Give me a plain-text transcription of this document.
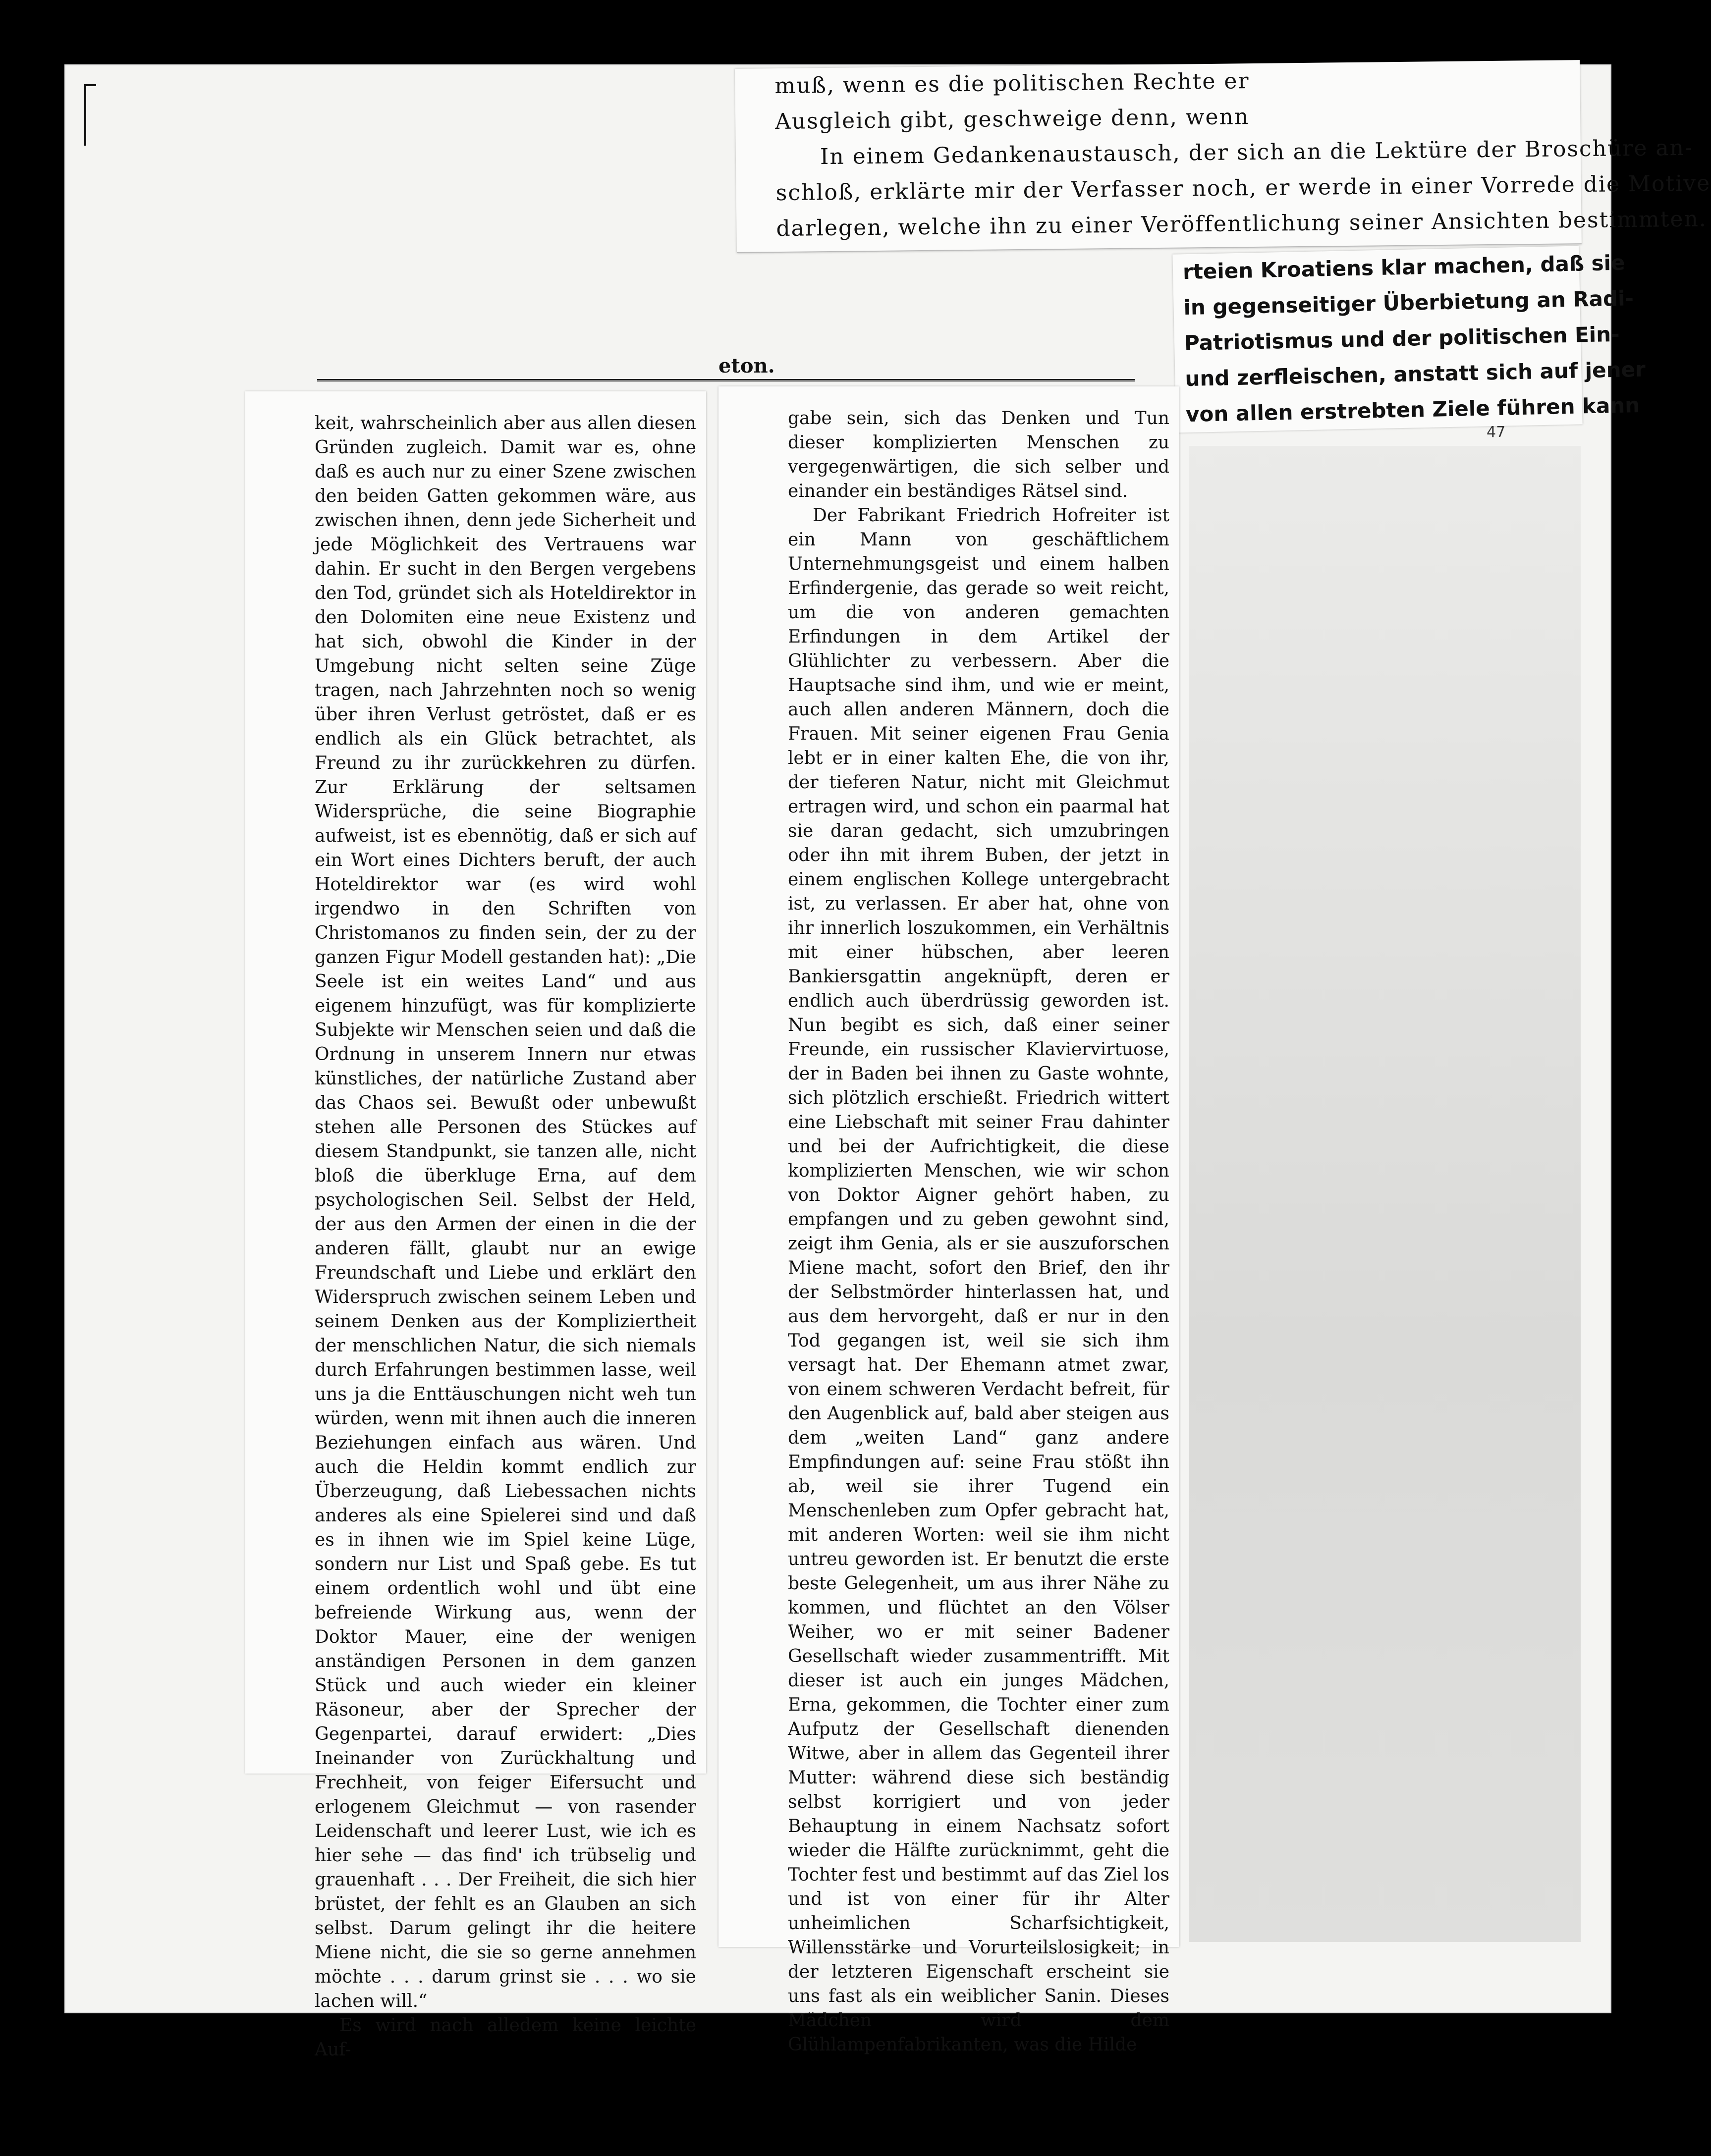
muß, wenn es die politischen Rechte er
Ausgleich gibt, geschweige denn, wenn
In einem Gedankenaustausch, der sich an die Lektüre der Broschüre an-
schloß, erklärte mir der Verfasser noch, er werde in einer Vorrede die Motive
darlegen, welche ihn zu einer Veröffentlichung seiner Ansichten bestimmten.
rteien Kroatiens klar machen, daß sie
in gegenseitiger Überbietung an Radi-
Patriotismus und der politischen Ein-
und zerfleischen, anstatt sich auf jener
von allen erstrebten Ziele führen kann
47
eton.

keit, wahrscheinlich aber aus allen diesen Gründen zugleich. Damit war es, ohne daß es auch nur zu einer Szene zwischen den beiden Gatten gekommen wäre, aus zwischen ihnen, denn jede Sicherheit und jede Möglichkeit des Vertrauens war dahin. Er sucht in den Bergen vergebens den Tod, gründet sich als Hoteldirektor in den Dolomiten eine neue Existenz und hat sich, obwohl die Kinder in der Umgebung nicht selten seine Züge tragen, nach Jahrzehnten noch so wenig über ihren Verlust getröstet, daß er es endlich als ein Glück betrachtet, als Freund zu ihr zurückkehren zu dürfen. Zur Erklärung der seltsamen Widersprüche, die seine Biographie aufweist, ist es ebennötig, daß er sich auf ein Wort eines Dichters beruft, der auch Hoteldirektor war (es wird wohl irgendwo in den Schriften von Christomanos zu finden sein, der zu der ganzen Figur Modell gestanden hat): „Die Seele ist ein weites Land“ und aus eigenem hinzufügt, was für komplizierte Subjekte wir Menschen seien und daß die Ordnung in unserem Innern nur etwas künstliches, der natürliche Zustand aber das Chaos sei. Bewußt oder unbewußt stehen alle Personen des Stückes auf diesem Standpunkt, sie tanzen alle, nicht bloß die überkluge Erna, auf dem psychologischen Seil. Selbst der Held, der aus den Armen der einen in die der anderen fällt, glaubt nur an ewige Freundschaft und Liebe und erklärt den Widerspruch zwischen seinem Leben und seinem Denken aus der Kompliziertheit der menschlichen Natur, die sich niemals durch Erfahrungen bestimmen lasse, weil uns ja die Enttäuschungen nicht weh tun würden, wenn mit ihnen auch die inneren Beziehungen einfach aus wären. Und auch die Heldin kommt endlich zur Überzeugung, daß Liebessachen nichts anderes als eine Spielerei sind und daß es in ihnen wie im Spiel keine Lüge, sondern nur List und Spaß gebe. Es tut einem ordentlich wohl und übt eine befreiende Wirkung aus, wenn der Doktor Mauer, eine der wenigen anständigen Personen in dem ganzen Stück und auch wieder ein kleiner Räsoneur, aber der Sprecher der Gegenpartei, darauf erwidert: „Dies Ineinander von Zurückhaltung und Frechheit, von feiger Eifersucht und erlogenem Gleichmut — von rasender Leidenschaft und leerer Lust, wie ich es hier sehe — das find' ich trübselig und grauenhaft . . . Der Freiheit, die sich hier brüstet, der fehlt es an Glauben an sich selbst. Darum gelingt ihr die heitere Miene nicht, die sie so gerne annehmen möchte . . . darum grinst sie . . . wo sie lachen will.“

Es wird nach alledem keine leichte Auf-

gabe sein, sich das Denken und Tun dieser komplizierten Menschen zu vergegenwärtigen, die sich selber und einander ein beständiges Rätsel sind.

Der Fabrikant Friedrich Hofreiter ist ein Mann von geschäftlichem Unternehmungsgeist und einem halben Erfindergenie, das gerade so weit reicht, um die von anderen gemachten Erfindungen in dem Artikel der Glühlichter zu verbessern. Aber die Hauptsache sind ihm, und wie er meint, auch allen anderen Männern, doch die Frauen. Mit seiner eigenen Frau Genia lebt er in einer kalten Ehe, die von ihr, der tieferen Natur, nicht mit Gleichmut ertragen wird, und schon ein paarmal hat sie daran gedacht, sich umzubringen oder ihn mit ihrem Buben, der jetzt in einem englischen Kollege untergebracht ist, zu verlassen. Er aber hat, ohne von ihr innerlich loszukommen, ein Verhältnis mit einer hübschen, aber leeren Bankiersgattin angeknüpft, deren er endlich auch überdrüssig geworden ist. Nun begibt es sich, daß einer seiner Freunde, ein russischer Klaviervirtuose, der in Baden bei ihnen zu Gaste wohnte, sich plötzlich erschießt. Friedrich wittert eine Liebschaft mit seiner Frau dahinter und bei der Aufrichtigkeit, die diese komplizierten Menschen, wie wir schon von Doktor Aigner gehört haben, zu empfangen und zu geben gewohnt sind, zeigt ihm Genia, als er sie auszuforschen Miene macht, sofort den Brief, den ihr der Selbstmörder hinterlassen hat, und aus dem hervorgeht, daß er nur in den Tod gegangen ist, weil sie sich ihm versagt hat. Der Ehemann atmet zwar, von einem schweren Verdacht befreit, für den Augenblick auf, bald aber steigen aus dem „weiten Land“ ganz andere Empfindungen auf: seine Frau stößt ihn ab, weil sie ihrer Tugend ein Menschenleben zum Opfer gebracht hat, mit anderen Worten: weil sie ihm nicht untreu geworden ist. Er benutzt die erste beste Gelegenheit, um aus ihrer Nähe zu kommen, und flüchtet an den Völser Weiher, wo er mit seiner Badener Gesellschaft wieder zusammentrifft. Mit dieser ist auch ein junges Mädchen, Erna, gekommen, die Tochter einer zum Aufputz der Gesellschaft dienenden Witwe, aber in allem das Gegenteil ihrer Mutter: während diese sich beständig selbst korrigiert und von jeder Behauptung in einem Nachsatz sofort wieder die Hälfte zurücknimmt, geht die Tochter fest und bestimmt auf das Ziel los und ist von einer für ihr Alter unheimlichen Scharfsichtigkeit, Willensstärke und Vorurteilslosigkeit; in der letzteren Eigenschaft erscheint sie uns fast als ein weiblicher Sanin. Dieses Mädchen wird dem Glühlampenfabrikanten, was die Hilde
